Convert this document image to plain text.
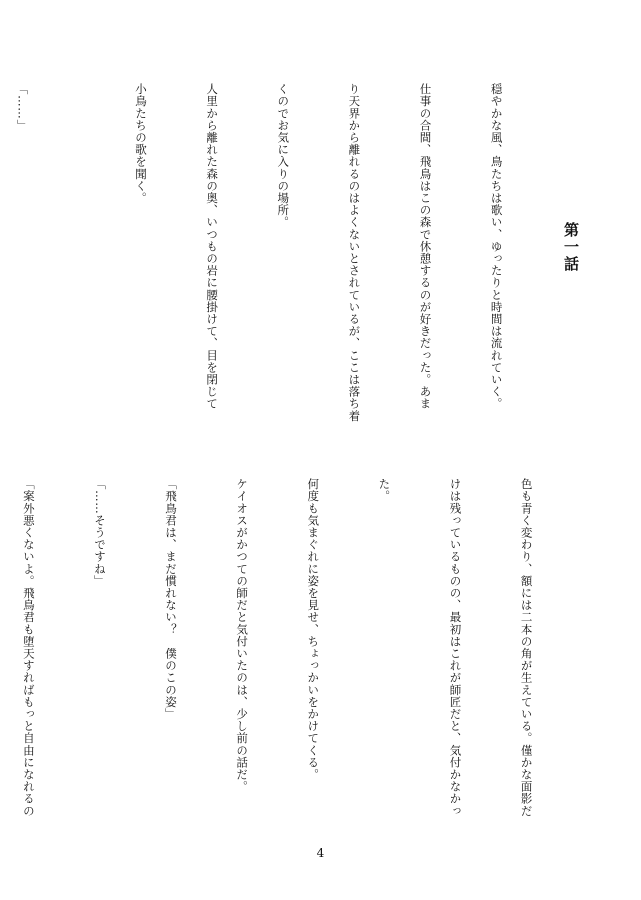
第一話

穏やかな風、鳥たちは歌い、ゆったりと時間は流れていく。

仕事の合間、飛鳥はこの森で休憩するのが好きだった。あま

り天界から離れるのはよくないとされているが、ここは落ち着

くのでお気に入りの場所。

人里から離れた森の奥、いつもの岩に腰掛けて、目を閉じて

小鳥たちの歌を聞く。

「……」

色も青く変わり、額には二本の角が生えている。僅かな面影だ

けは残っているものの、最初はこれが師匠だと、気付かなかっ

た。

何度も気まぐれに姿を見せ、ちょっかいをかけてくる。

ケイオスがかつての師だと気付いたのは、少し前の話だ。

「飛鳥君は、まだ慣れない？　僕のこの姿」

「……そうですね」

「案外悪くないよ。飛鳥君も堕天すればもっと自由になれるの

4
